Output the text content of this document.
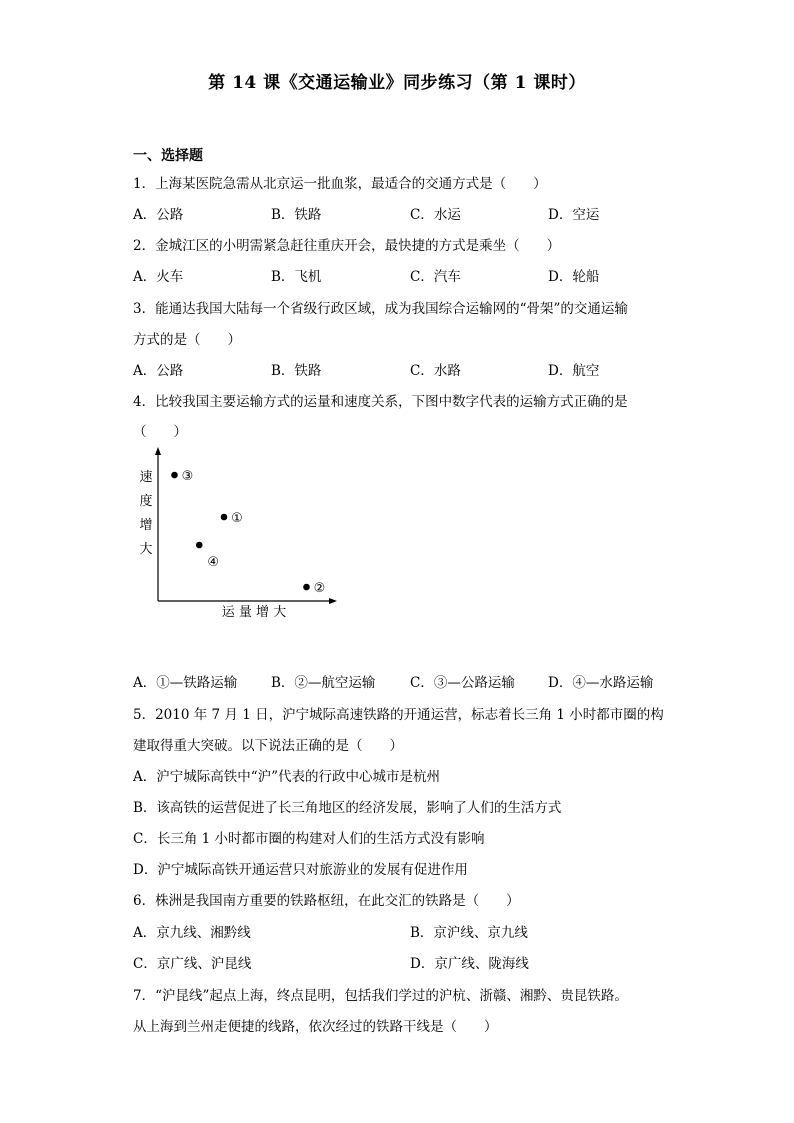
第 14 课《交通运输业》同步练习（第 1 课时）
一、选择题
1．上海某医院急需从北京运一批血浆，最适合的交通方式是（　　）
A．公路	B．铁路	C．水运	D．空运
2．金城江区的小明需紧急赶往重庆开会，最快捷的方式是乘坐（　　）
A．火车	B．飞机	C．汽车	D．轮船
3．能通达我国大陆每一个省级行政区域，成为我国综合运输网的“骨架”的交通运输
方式的是（　　）
A．公路	B．铁路	C．水路	D．航空
4．比较我国主要运输方式的运量和速度关系，下图中数字代表的运输方式正确的是
（　　）
速
度
增
大
③
①
④
②
运 量 增 大
A．①—铁路运输	B．②—航空运输	C．③—公路运输 D．④—水路运输
5．2010 年 7 月 1 日，沪宁城际高速铁路的开通运营，标志着长三角 1 小时都市圈的构
建取得重大突破。以下说法正确的是（　　）
A．沪宁城际高铁中“沪”代表的行政中心城市是杭州
B．该高铁的运营促进了长三角地区的经济发展，影响了人们的生活方式
C．长三角 1 小时都市圈的构建对人们的生活方式没有影响
D．沪宁城际高铁开通运营只对旅游业的发展有促进作用
6．株洲是我国南方重要的铁路枢纽，在此交汇的铁路是（　　）
A．京九线、湘黔线	B．京沪线、京九线
C．京广线、沪昆线	D．京广线、陇海线
7．“沪昆线”起点上海，终点昆明，包括我们学过的沪杭、浙赣、湘黔、贵昆铁路。
从上海到兰州走便捷的线路，依次经过的铁路干线是（　　）
